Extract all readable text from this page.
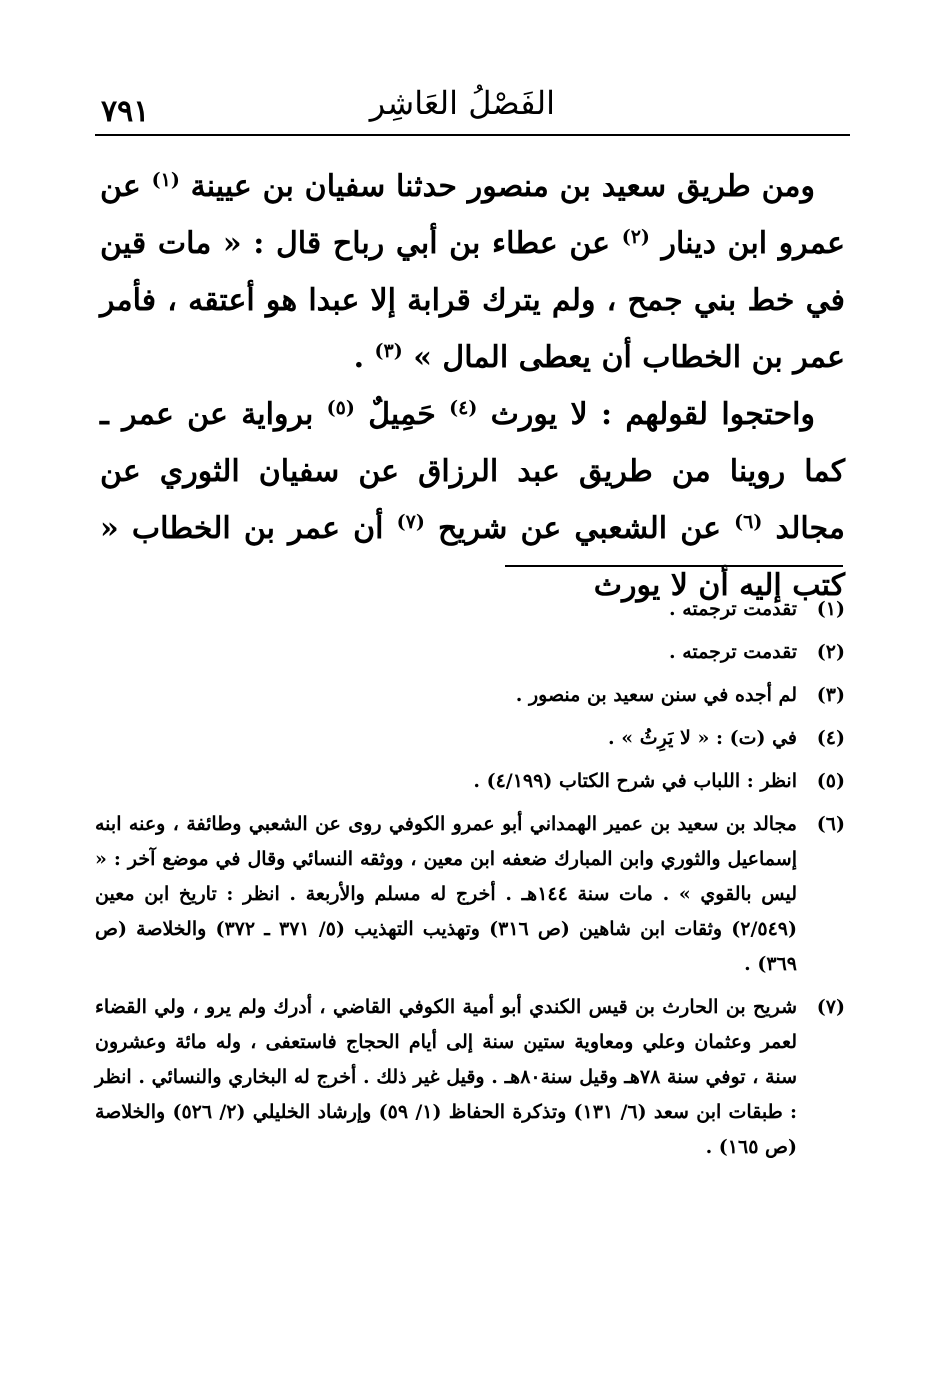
٧٩١	الفَصْلُ العَاشِر

ومن طريق سعيد بن منصور حدثنا سفيان بن عيينة $^{(١)}$ عن عمرو ابن دينار $^{(٢)}$ عن عطاء بن أبي رباح قال : « مات قين في خط بني جمح ، ولم يترك قرابة إلا عبدا هو أعتقه ، فأمر عمر بن الخطاب أن يعطى المال » $^{(٣)}$ .

واحتجوا لقولهم : لا يورث $^{(٤)}$ حَمِيلٌ $^{(٥)}$ برواية عن عمر ـ كما روينا من طريق عبد الرزاق عن سفيان الثوري عن مجالد $^{(٦)}$ عن الشعبي عن شريح $^{(٧)}$ أن عمر بن الخطاب « كتب إليه أن لا يورث

(١)
تقدمت ترجمته .
(٢)
تقدمت ترجمته .
(٣)
لم أجده في سنن سعيد بن منصور .
(٤)
في (ت) : « لا يَرِثُ » .
(٥)
انظر : اللباب في شرح الكتاب (٤/١٩٩) .
(٦)
مجالد بن سعيد بن عمير الهمداني أبو عمرو الكوفي روى عن الشعبي وطائفة ، وعنه ابنه إسماعيل والثوري وابن المبارك ضعفه ابن معين ، ووثقه النسائي وقال في موضع آخر : « ليس بالقوي » . مات سنة ١٤٤هـ . أخرج له مسلم والأربعة . انظر : تاريخ ابن معين (٢/٥٤٩) وثقات ابن شاهين (ص ٣١٦) وتهذيب التهذيب (٥/ ٣٧١ ـ ٣٧٢) والخلاصة (ص ٣٦٩) .
(٧)
شريح بن الحارث بن قيس الكندي أبو أمية الكوفي القاضي ، أدرك ولم يرو ، ولي القضاء لعمر وعثمان وعلي ومعاوية ستين سنة إلى أيام الحجاج فاستعفى ، وله مائة وعشرون سنة ، توفي سنة ٧٨هـ وقيل سنة٨٠هـ . وقيل غير ذلك . أخرج له البخاري والنسائي . انظر : طبقات ابن سعد (٦/ ١٣١) وتذكرة الحفاظ (١/ ٥٩) وإرشاد الخليلي (٢/ ٥٢٦) والخلاصة (ص ١٦٥) .
